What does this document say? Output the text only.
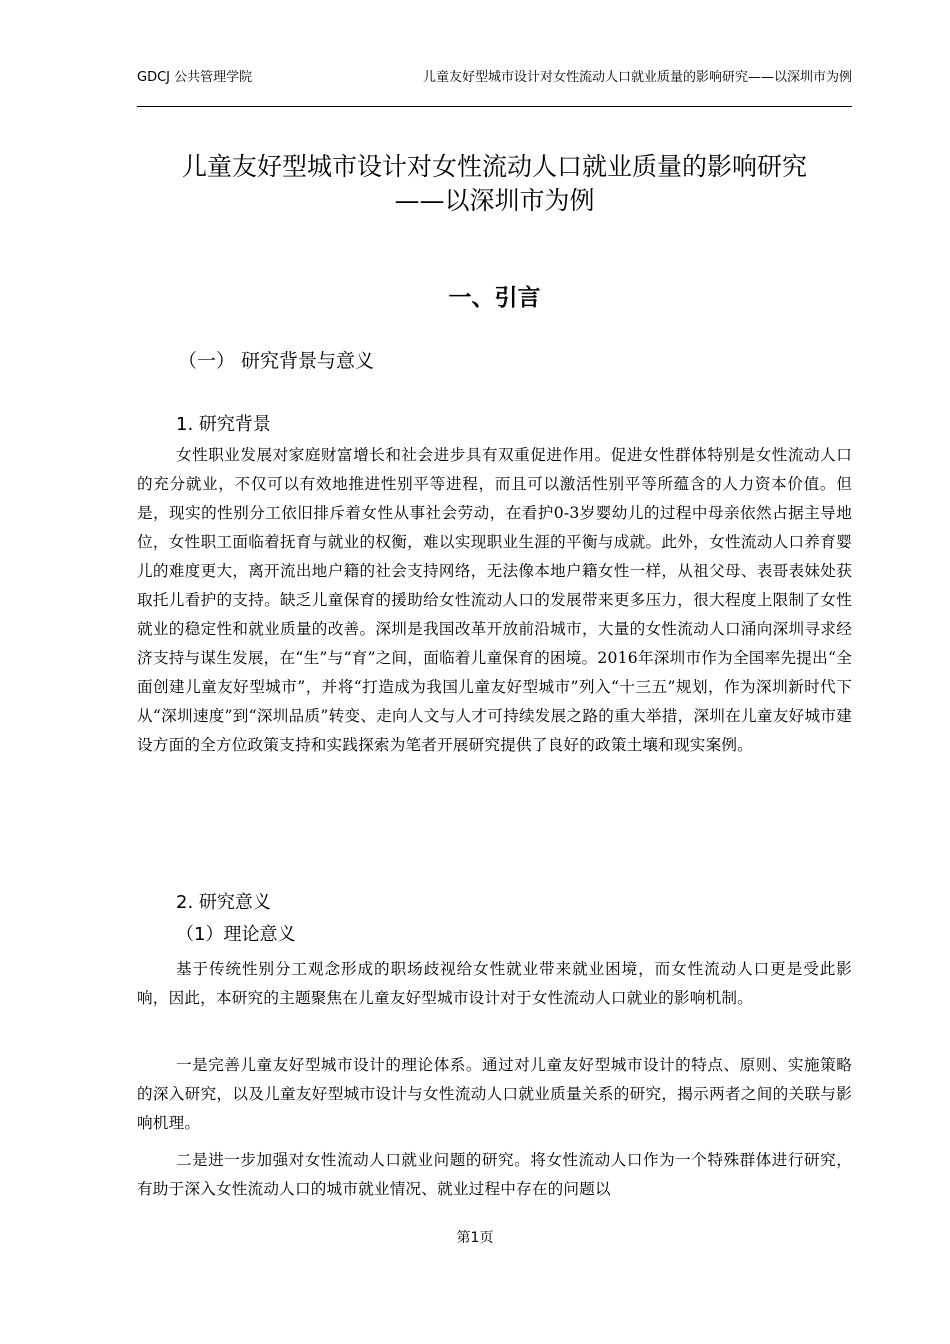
GDCJ 公共管理学院	儿童友好型城市设计对女性流动人口就业质量的影响研究——以深圳市为例
儿童友好型城市设计对女性流动人口就业质量的影响研究
——以深圳市为例
一、引言
（一） 研究背景与意义
1. 研究背景
女性职业发展对家庭财富增长和社会进步具有双重促进作用。促进女性群体特别是女性流动人口的充分就业，不仅可以有效地推进性别平等进程，而且可以激活性别平等所蕴含的人力资本价值。但是，现实的性别分工依旧排斥着女性从事社会劳动，在看护0-3岁婴幼儿的过程中母亲依然占据主导地位，女性职工面临着抚育与就业的权衡，难以实现职业生涯的平衡与成就。此外，女性流动人口养育婴儿的难度更大，离开流出地户籍的社会支持网络，无法像本地户籍女性一样，从祖父母、表哥表妹处获取托儿看护的支持。缺乏儿童保育的援助给女性流动人口的发展带来更多压力，很大程度上限制了女性就业的稳定性和就业质量的改善。深圳是我国改革开放前沿城市，大量的女性流动人口涌向深圳寻求经济支持与谋生发展，在“生”与“育”之间，面临着儿童保育的困境。2016年深圳市作为全国率先提出“全面创建儿童友好型城市”，并将“打造成为我国儿童友好型城市”列入“十三五”规划，作为深圳新时代下从“深圳速度”到“深圳品质”转变、走向人文与人才可持续发展之路的重大举措，深圳在儿童友好城市建设方面的全方位政策支持和实践探索为笔者开展研究提供了良好的政策土壤和现实案例。
2. 研究意义
（1）理论意义
基于传统性别分工观念形成的职场歧视给女性就业带来就业困境，而女性流动人口更是受此影响，因此，本研究的主题聚焦在儿童友好型城市设计对于女性流动人口就业的影响机制。
一是完善儿童友好型城市设计的理论体系。通过对儿童友好型城市设计的特点、原则、实施策略的深入研究，以及儿童友好型城市设计与女性流动人口就业质量关系的研究，揭示两者之间的关联与影响机理。
二是进一步加强对女性流动人口就业问题的研究。将女性流动人口作为一个特殊群体进行研究，有助于深入女性流动人口的城市就业情况、就业过程中存在的问题以
第1页
